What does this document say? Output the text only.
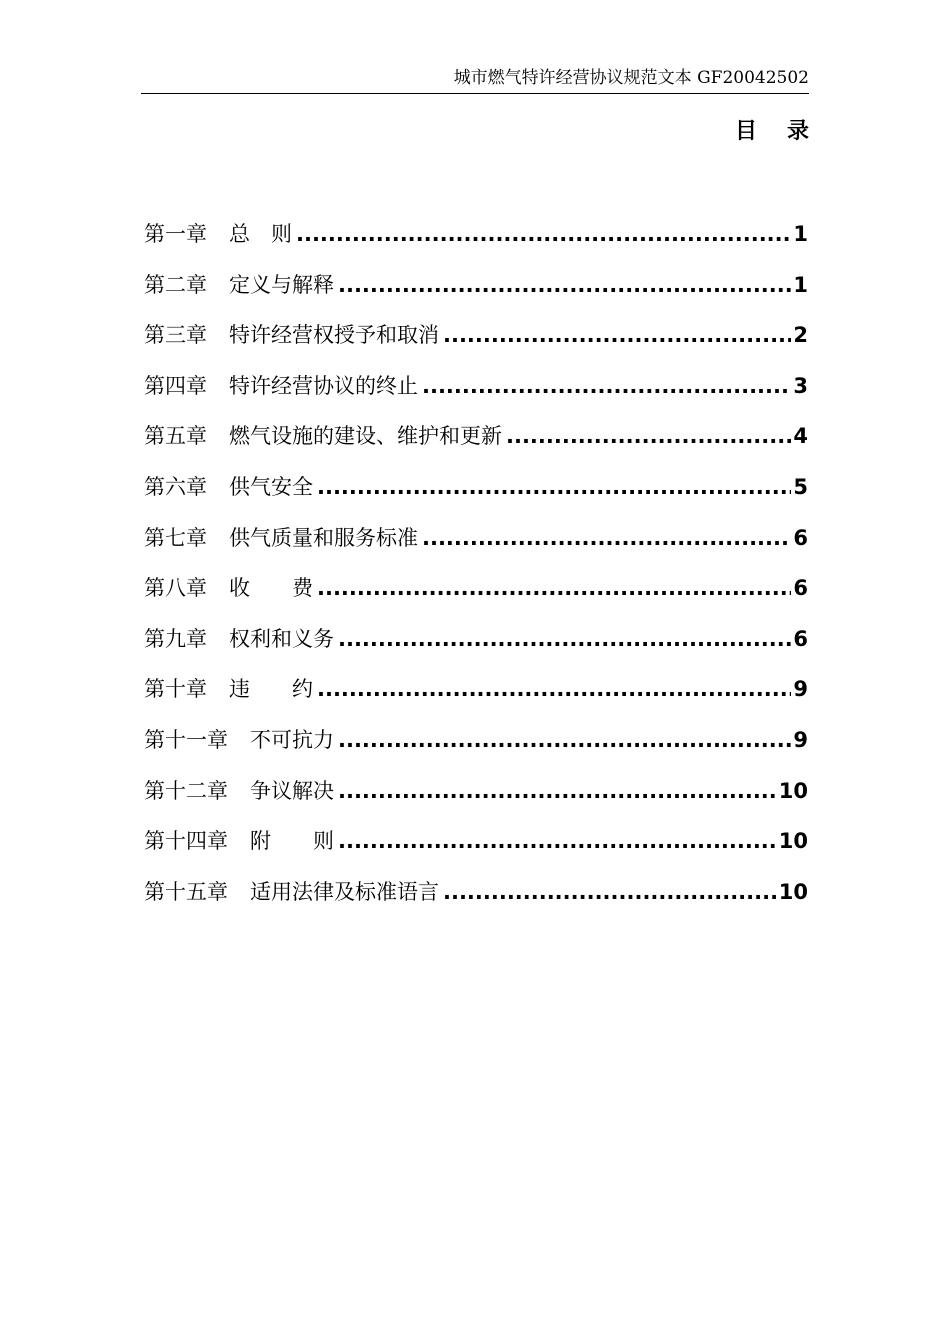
城市燃气特许经营协议规范文本 GF20042502
目录
第一章 总　则 .....	1
第二章 定义与解释 .....	1
第三章 特许经营权授予和取消 .....	2
第四章 特许经营协议的终止 .....	3
第五章 燃气设施的建设、维护和更新 .....	4
第六章 供气安全 .....	5
第七章 供气质量和服务标准 .....	6
第八章 收　　费 .....	6
第九章 权利和义务 .....	6
第十章 违　　约 .....	9
第十一章 不可抗力 .....	9
第十二章 争议解决 .....	10
第十四章 附　　则 .....	10
第十五章 适用法律及标准语言 .....	10
